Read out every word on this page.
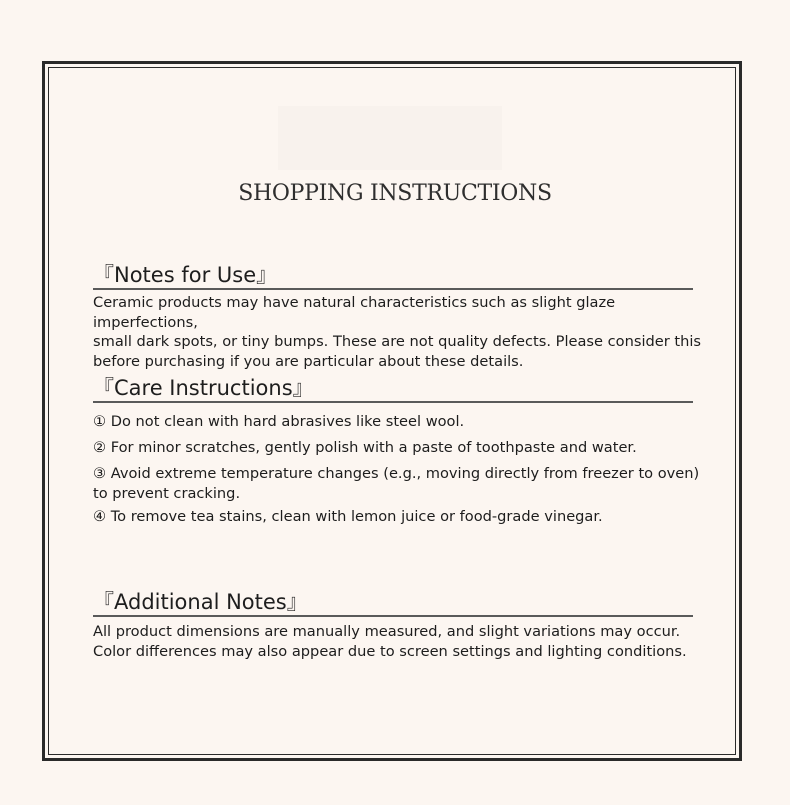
SHOPPING INSTRUCTIONS
『Notes for Use』

Ceramic products may have natural characteristics such as slight glaze imperfections,
small dark spots, or tiny bumps. These are not quality defects. Please consider this
before purchasing if you are particular about these details.

『Care Instructions』
① Do not clean with hard abrasives like steel wool.
② For minor scratches, gently polish with a paste of toothpaste and water.
③ Avoid extreme temperature changes (e.g., moving directly from freezer to oven) to prevent cracking.
④ To remove tea stains, clean with lemon juice or food-grade vinegar.
『Additional Notes』

All product dimensions are manually measured, and slight variations may occur.
Color differences may also appear due to screen settings and lighting conditions.
